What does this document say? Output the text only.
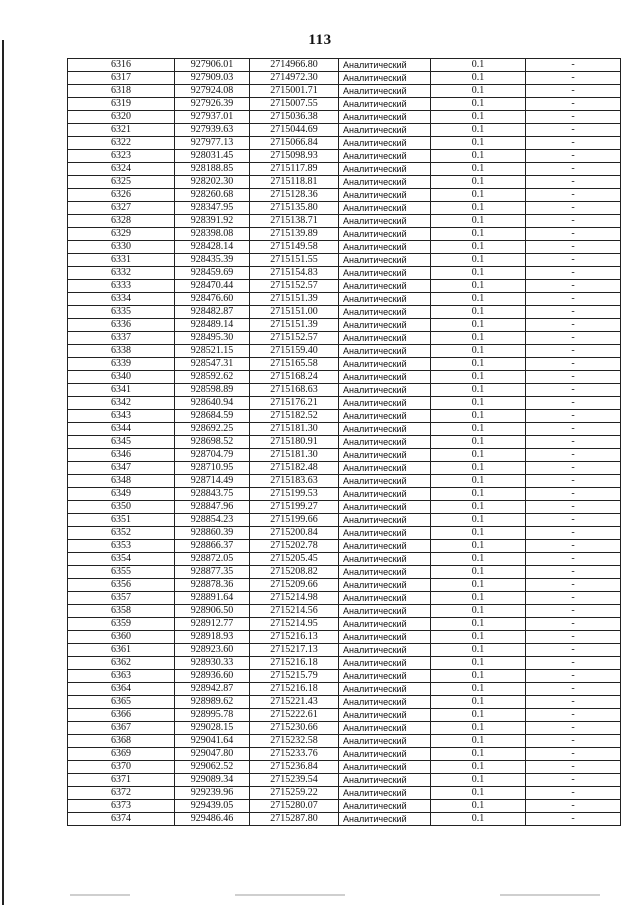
113
6316	927906.01	2714966.80	Аналитический	0.1	-
6317	927909.03	2714972.30	Аналитический	0.1	-
6318	927924.08	2715001.71	Аналитический	0.1	-
6319	927926.39	2715007.55	Аналитический	0.1	-
6320	927937.01	2715036.38	Аналитический	0.1	-
6321	927939.63	2715044.69	Аналитический	0.1	-
6322	927977.13	2715066.84	Аналитический	0.1	-
6323	928031.45	2715098.93	Аналитический	0.1	-
6324	928188.85	2715117.89	Аналитический	0.1	-
6325	928202.30	2715118.81	Аналитический	0.1	-
6326	928260.68	2715128.36	Аналитический	0.1	-
6327	928347.95	2715135.80	Аналитический	0.1	-
6328	928391.92	2715138.71	Аналитический	0.1	-
6329	928398.08	2715139.89	Аналитический	0.1	-
6330	928428.14	2715149.58	Аналитический	0.1	-
6331	928435.39	2715151.55	Аналитический	0.1	-
6332	928459.69	2715154.83	Аналитический	0.1	-
6333	928470.44	2715152.57	Аналитический	0.1	-
6334	928476.60	2715151.39	Аналитический	0.1	-
6335	928482.87	2715151.00	Аналитический	0.1	-
6336	928489.14	2715151.39	Аналитический	0.1	-
6337	928495.30	2715152.57	Аналитический	0.1	-
6338	928521.15	2715159.40	Аналитический	0.1	-
6339	928547.31	2715165.58	Аналитический	0.1	-
6340	928592.62	2715168.24	Аналитический	0.1	-
6341	928598.89	2715168.63	Аналитический	0.1	-
6342	928640.94	2715176.21	Аналитический	0.1	-
6343	928684.59	2715182.52	Аналитический	0.1	-
6344	928692.25	2715181.30	Аналитический	0.1	-
6345	928698.52	2715180.91	Аналитический	0.1	-
6346	928704.79	2715181.30	Аналитический	0.1	-
6347	928710.95	2715182.48	Аналитический	0.1	-
6348	928714.49	2715183.63	Аналитический	0.1	-
6349	928843.75	2715199.53	Аналитический	0.1	-
6350	928847.96	2715199.27	Аналитический	0.1	-
6351	928854.23	2715199.66	Аналитический	0.1	-
6352	928860.39	2715200.84	Аналитический	0.1	-
6353	928866.37	2715202.78	Аналитический	0.1	-
6354	928872.05	2715205.45	Аналитический	0.1	-
6355	928877.35	2715208.82	Аналитический	0.1	-
6356	928878.36	2715209.66	Аналитический	0.1	-
6357	928891.64	2715214.98	Аналитический	0.1	-
6358	928906.50	2715214.56	Аналитический	0.1	-
6359	928912.77	2715214.95	Аналитический	0.1	-
6360	928918.93	2715216.13	Аналитический	0.1	-
6361	928923.60	2715217.13	Аналитический	0.1	-
6362	928930.33	2715216.18	Аналитический	0.1	-
6363	928936.60	2715215.79	Аналитический	0.1	-
6364	928942.87	2715216.18	Аналитический	0.1	-
6365	928989.62	2715221.43	Аналитический	0.1	-
6366	928995.78	2715222.61	Аналитический	0.1	-
6367	929028.15	2715230.66	Аналитический	0.1	-
6368	929041.64	2715232.58	Аналитический	0.1	-
6369	929047.80	2715233.76	Аналитический	0.1	-
6370	929062.52	2715236.84	Аналитический	0.1	-
6371	929089.34	2715239.54	Аналитический	0.1	-
6372	929239.96	2715259.22	Аналитический	0.1	-
6373	929439.05	2715280.07	Аналитический	0.1	-
6374	929486.46	2715287.80	Аналитический	0.1	-
